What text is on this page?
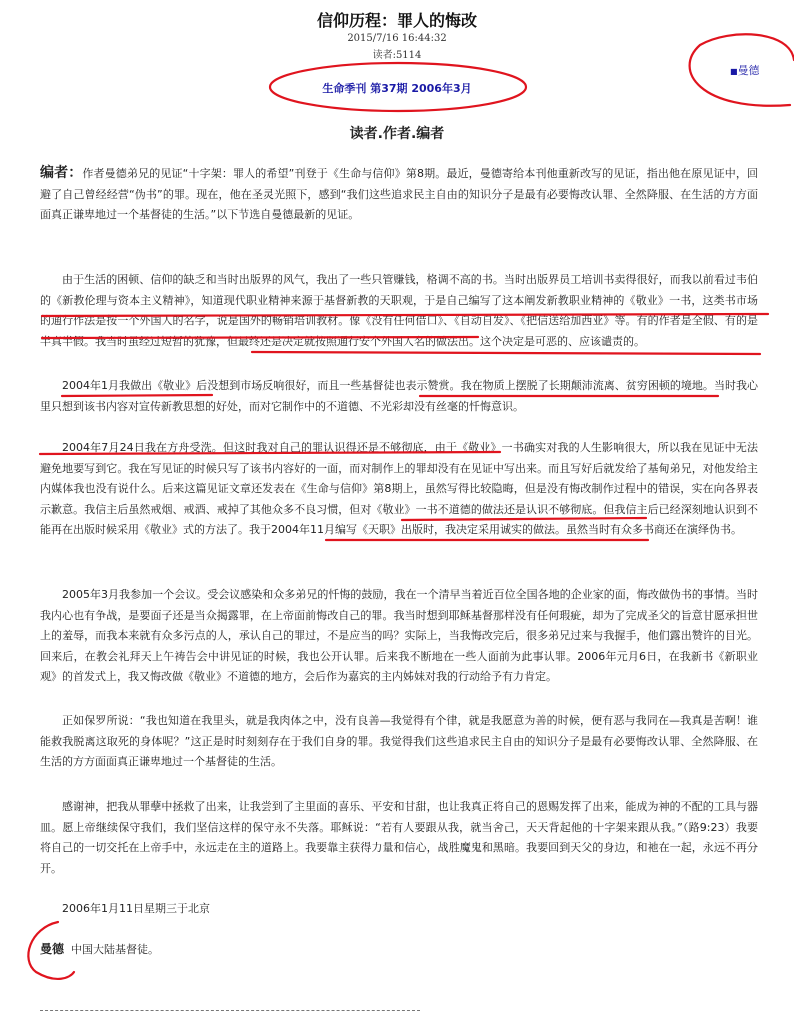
信仰历程：罪人的悔改
2015/7/16 16:44:32
读者:5114
■曼德
生命季刊 第37期 2006年3月
读者.作者.编者
编者：作者曼德弟兄的见证“十字架：罪人的希望”刊登于《生命与信仰》第8期。最近，曼德寄给本刊他重新改写的见证，指出他在原见证中，回避了自己曾经经营“伪书”的罪。现在，他在圣灵光照下，感到“我们这些追求民主自由的知识分子是最有必要悔改认罪、全然降服、在生活的方方面面真正谦卑地过一个基督徒的生活。”以下节选自曼德最新的见证。
由于生活的困顿、信仰的缺乏和当时出版界的风气，我出了一些只管赚钱，格调不高的书。当时出版界员工培训书卖得很好，而我以前看过韦伯的《新教伦理与资本主义精神》，知道现代职业精神来源于基督新教的天职观，于是自己编写了这本阐发新教职业精神的《敬业》一书，这类书市场的通行作法是按一个外国人的名字，说是国外的畅销培训教材。像《没有任何借口》、《自动自发》、《把信送给加西亚》等。有的作者是全假、有的是半真半假。我当时虽经过短暂的犹豫，但最终还是决定就按照通行安个外国人名的做法出。这个决定是可恶的、应该谴责的。
2004年1月我做出《敬业》后没想到市场反响很好，而且一些基督徒也表示赞赏。我在物质上摆脱了长期颠沛流离、贫穷困顿的境地。当时我心里只想到该书内容对宣传新教思想的好处，而对它制作中的不道德、不光彩却没有丝毫的忏悔意识。
2004年7月24日我在方舟受洗。但这时我对自己的罪认识得还是不够彻底，由于《敬业》一书确实对我的人生影响很大，所以我在见证中无法避免地要写到它。我在写见证的时候只写了该书内容好的一面，而对制作上的罪却没有在见证中写出来。而且写好后就发给了基甸弟兄，对他发给主内媒体我也没有说什么。后来这篇见证文章还发表在《生命与信仰》第8期上，虽然写得比较隐晦，但是没有悔改制作过程中的错误，实在向各界表示歉意。我信主后虽然戒烟、戒酒、戒掉了其他众多不良习惯，但对《敬业》一书不道德的做法还是认识不够彻底。但我信主后已经深刻地认识到不能再在出版时候采用《敬业》式的方法了。我于2004年11月编写《天职》出版时，我决定采用诚实的做法。虽然当时有众多书商还在演绎伪书。
2005年3月我参加一个会议。受会议感染和众多弟兄的忏悔的鼓励，我在一个清早当着近百位全国各地的企业家的面，悔改做伪书的事情。当时我内心也有争战，是要面子还是当众揭露罪，在上帝面前悔改自己的罪。我当时想到耶稣基督那样没有任何瑕疵，却为了完成圣父的旨意甘愿承担世上的羞辱，而我本来就有众多污点的人，承认自己的罪过，不是应当的吗？实际上，当我悔改完后，很多弟兄过来与我握手，他们露出赞许的目光。回来后，在教会礼拜天上午祷告会中讲见证的时候，我也公开认罪。后来我不断地在一些人面前为此事认罪。2006年元月6日，在我新书《新职业观》的首发式上，我又悔改做《敬业》不道德的地方，会后作为嘉宾的主内姊妹对我的行动给予有力肯定。
正如保罗所说：“我也知道在我里头，就是我肉体之中，没有良善—我觉得有个律，就是我愿意为善的时候，便有恶与我同在—我真是苦啊！谁能救我脱离这取死的身体呢？”这正是时时刻刻存在于我们自身的罪。我觉得我们这些追求民主自由的知识分子是最有必要悔改认罪、全然降服、在生活的方方面面真正谦卑地过一个基督徒的生活。
感谢神，把我从罪孽中拯救了出来，让我尝到了主里面的喜乐、平安和甘甜，也让我真正将自己的恩赐发挥了出来，能成为神的不配的工具与器皿。愿上帝继续保守我们，我们坚信这样的保守永不失落。耶稣说：“若有人要跟从我，就当舍己，天天背起他的十字架来跟从我。”（路9:23）我要将自己的一切交托在上帝手中，永远走在主的道路上。我要靠主获得力量和信心，战胜魔鬼和黑暗。我要回到天父的身边，和祂在一起，永远不再分开。
2006年1月11日星期三于北京
曼德 中国大陆基督徒。
